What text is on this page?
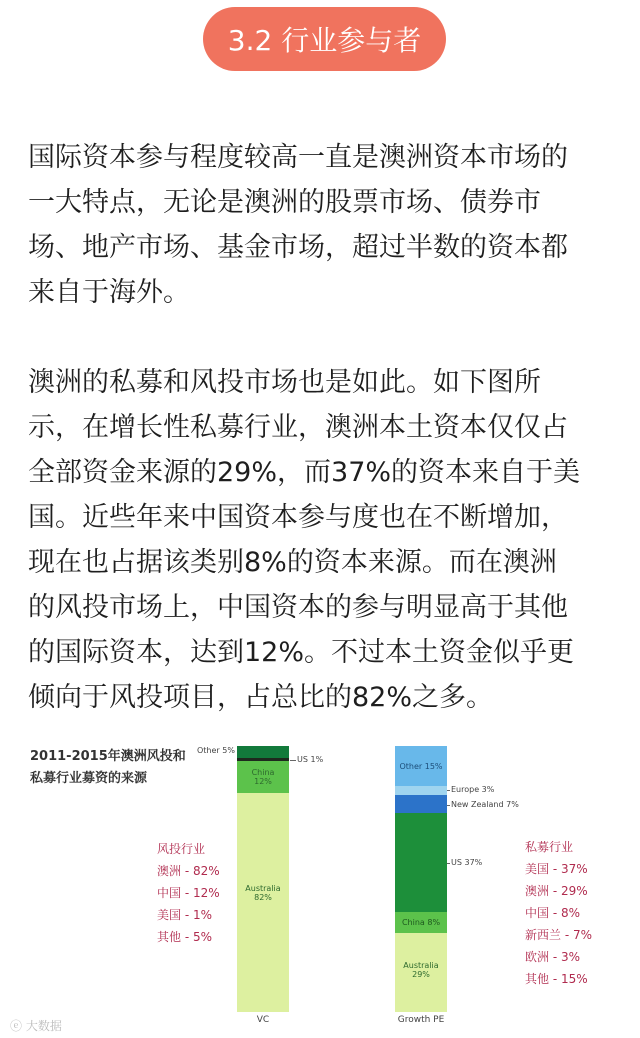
3.2 行业参与者
国际资本参与程度较高一直是澳洲资本市场的
一大特点，无论是澳洲的股票市场、债券市
场、地产市场、基金市场，超过半数的资本都
来自于海外。
澳洲的私募和风投市场也是如此。如下图所
示，在增长性私募行业，澳洲本土资本仅仅占
全部资金来源的29%，而37%的资本来自于美
国。近些年来中国资本参与度也在不断增加，
现在也占据该类别8%的资本来源。而在澳洲
的风投市场上，中国资本的参与明显高于其他
的国际资本，达到12%。不过本土资金似乎更
倾向于风投项目，占总比的82%之多。
2011-2015年澳洲风投和
私募行业募资的来源
风投行业
澳洲 - 82%
中国 - 12%
美国 - 1%
其他 - 5%
私募行业
美国 - 37%
澳洲 - 29%
中国 - 8%
新西兰 - 7%
欧洲 - 3%
其他 - 15%
China
12%
Australia
82%
Other 5%
US 1%
VC
Other 15%
China 8%
Australia
29%
Europe 3%
New Zealand 7%
US 37%
Growth PE
ⓔ 大数据
